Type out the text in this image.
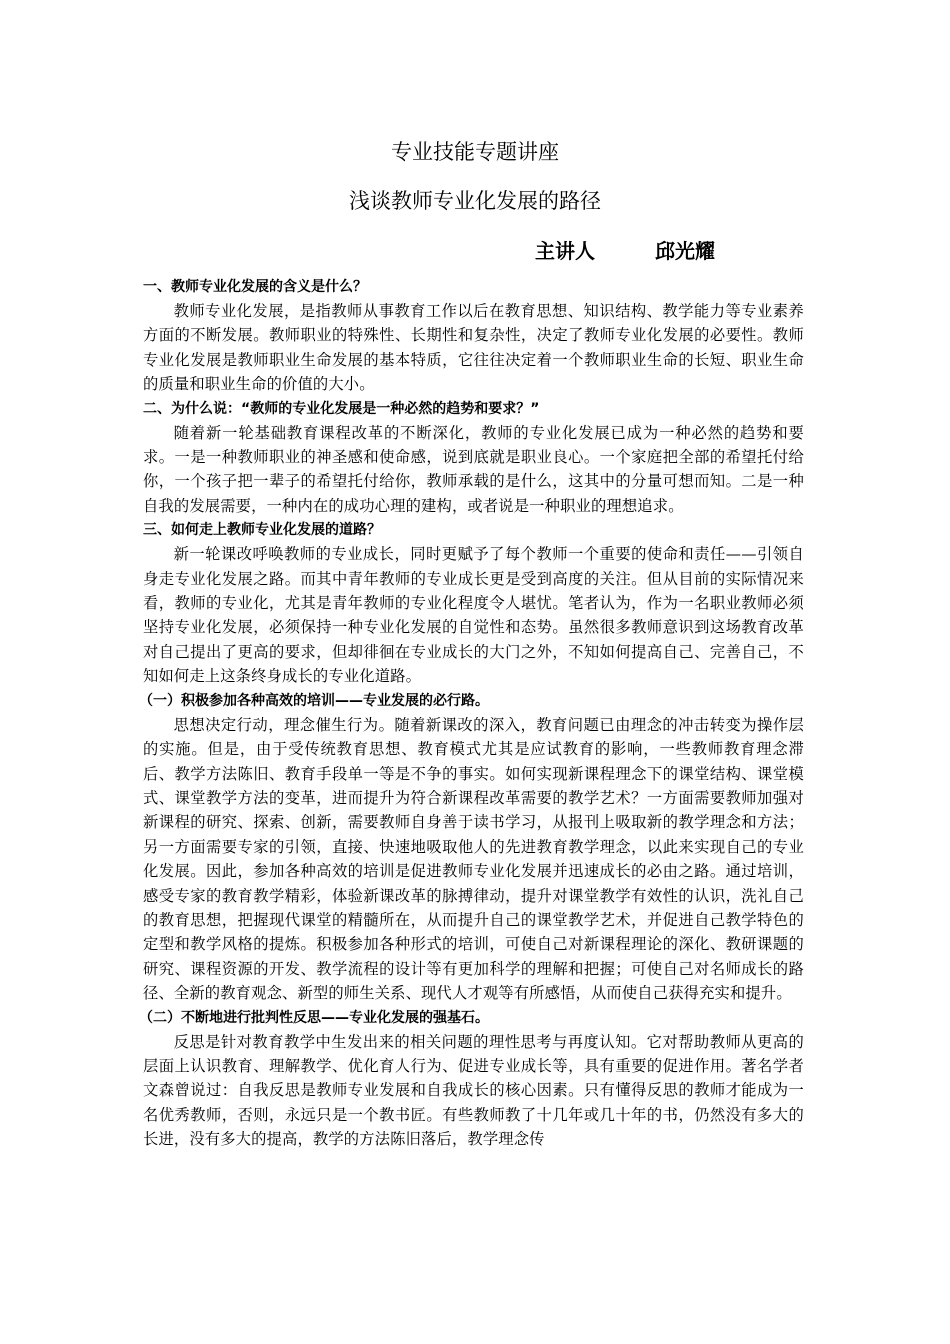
专业技能专题讲座
浅谈教师专业化发展的路径
主讲人	邱光耀
一、教师专业化发展的含义是什么？

教师专业化发展，是指教师从事教育工作以后在教育思想、知识结构、教学能力等专业素养方面的不断发展。教师职业的特殊性、长期性和复杂性，决定了教师专业化发展的必要性。教师专业化发展是教师职业生命发展的基本特质，它往往决定着一个教师职业生命的长短、职业生命的质量和职业生命的价值的大小。

二、为什么说：“教师的专业化发展是一种必然的趋势和要求？”

随着新一轮基础教育课程改革的不断深化，教师的专业化发展已成为一种必然的趋势和要求。一是一种教师职业的神圣感和使命感，说到底就是职业良心。一个家庭把全部的希望托付给你，一个孩子把一辈子的希望托付给你，教师承载的是什么，这其中的分量可想而知。二是一种自我的发展需要，一种内在的成功心理的建构，或者说是一种职业的理想追求。

三、如何走上教师专业化发展的道路？

新一轮课改呼唤教师的专业成长，同时更赋予了每个教师一个重要的使命和责任——引领自身走专业化发展之路。而其中青年教师的专业成长更是受到高度的关注。但从目前的实际情况来看，教师的专业化，尤其是青年教师的专业化程度令人堪忧。笔者认为，作为一名职业教师必须坚持专业化发展，必须保持一种专业化发展的自觉性和态势。虽然很多教师意识到这场教育改革对自己提出了更高的要求，但却徘徊在专业成长的大门之外，不知如何提高自己、完善自己，不知如何走上这条终身成长的专业化道路。

（一）积极参加各种高效的培训——专业发展的必行路。

思想决定行动，理念催生行为。随着新课改的深入，教育问题已由理念的冲击转变为操作层的实施。但是，由于受传统教育思想、教育模式尤其是应试教育的影响，一些教师教育理念滞后、教学方法陈旧、教育手段单一等是不争的事实。如何实现新课程理念下的课堂结构、课堂模式、课堂教学方法的变革，进而提升为符合新课程改革需要的教学艺术？一方面需要教师加强对新课程的研究、探索、创新，需要教师自身善于读书学习，从报刊上吸取新的教学理念和方法；另一方面需要专家的引领，直接、快速地吸取他人的先进教育教学理念，以此来实现自己的专业化发展。因此，参加各种高效的培训是促进教师专业化发展并迅速成长的必由之路。通过培训，感受专家的教育教学精彩，体验新课改革的脉搏律动，提升对课堂教学有效性的认识，洗礼自己的教育思想，把握现代课堂的精髓所在，从而提升自己的课堂教学艺术，并促进自己教学特色的定型和教学风格的提炼。积极参加各种形式的培训，可使自己对新课程理论的深化、教研课题的研究、课程资源的开发、教学流程的设计等有更加科学的理解和把握；可使自己对名师成长的路径、全新的教育观念、新型的师生关系、现代人才观等有所感悟，从而使自己获得充实和提升。

（二）不断地进行批判性反思——专业化发展的强基石。

反思是针对教育教学中生发出来的相关问题的理性思考与再度认知。它对帮助教师从更高的层面上认识教育、理解教学、优化育人行为、促进专业成长等，具有重要的促进作用。著名学者文森曾说过：自我反思是教师专业发展和自我成长的核心因素。只有懂得反思的教师才能成为一名优秀教师，否则，永远只是一个教书匠。有些教师教了十几年或几十年的书，仍然没有多大的长进，没有多大的提高，教学的方法陈旧落后，教学理念传
